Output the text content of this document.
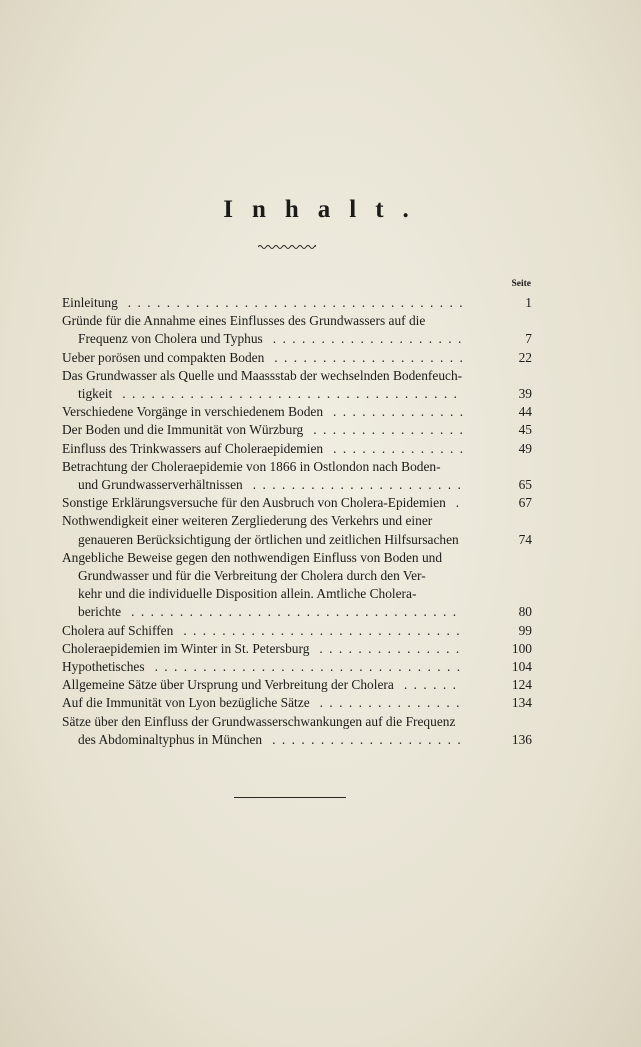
Inhalt.
Seite
Einleitung ...................................	1
Gründe für die Annahme eines Einflusses des Grundwassers auf die
Frequenz von Cholera und Typhus ....................	7
Ueber porösen und compakten Boden ....................	22
Das Grundwasser als Quelle und Maassstab der wechselnden Bodenfeuch-
tigkeit ...................................	39
Verschiedene Vorgänge in verschiedenem Boden ..............	44
Der Boden und die Immunität von Würzburg ................	45
Einfluss des Trinkwassers auf Choleraepidemien ..............	49
Betrachtung der Choleraepidemie von 1866 in Ostlondon nach Boden-
und Grundwasserverhältnissen ......................	65
Sonstige Erklärungsversuche für den Ausbruch von Cholera-Epidemien .	67
Nothwendigkeit einer weiteren Zergliederung des Verkehrs und einer
genaueren Berücksichtigung der örtlichen und zeitlichen Hilfsursachen	74
Angebliche Beweise gegen den nothwendigen Einfluss von Boden und
Grundwasser und für die Verbreitung der Cholera durch den Ver-
kehr und die individuelle Disposition allein. Amtliche Cholera-
berichte ..................................	80
Cholera auf Schiffen .............................	99
Choleraepidemien im Winter in St. Petersburg ...............	100
Hypothetisches ................................	104
Allgemeine Sätze über Ursprung und Verbreitung der Cholera ......	124
Auf die Immunität von Lyon bezügliche Sätze ...............	134
Sätze über den Einfluss der Grundwasserschwankungen auf die Frequenz
des Abdominaltyphus in München ....................	136
